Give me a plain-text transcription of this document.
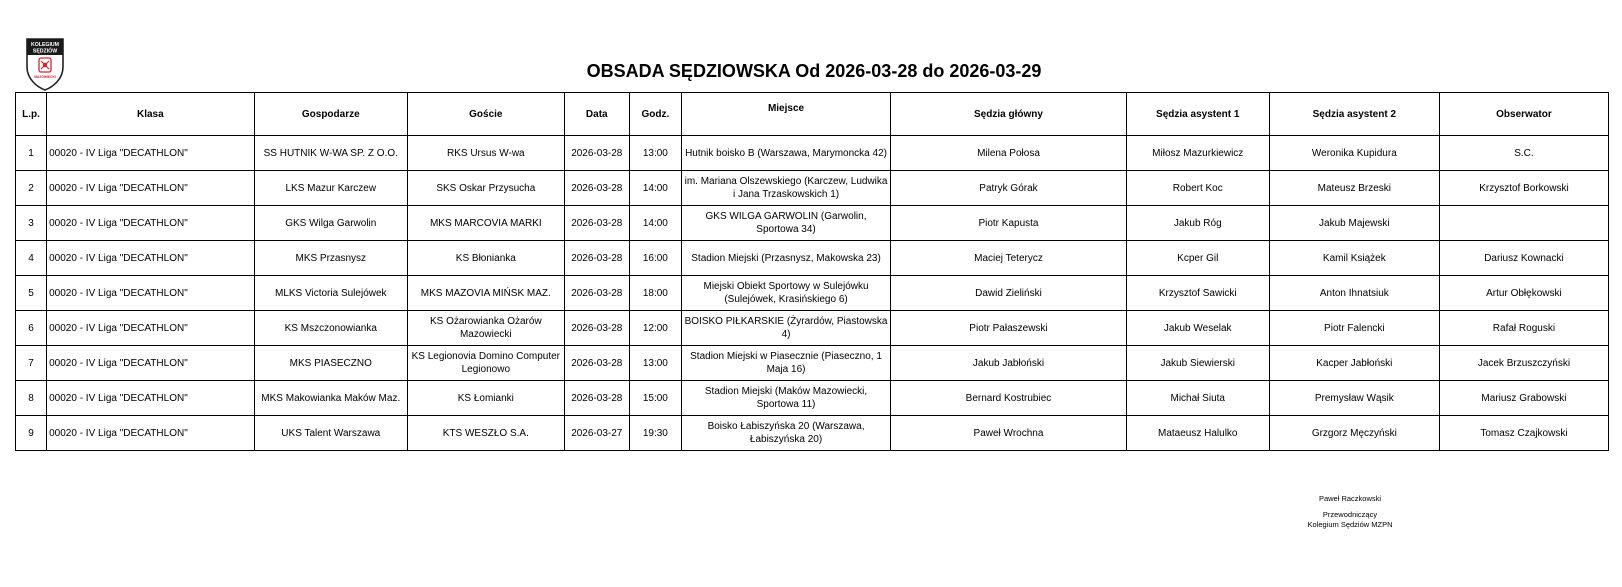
KOLEGIUM
SĘDZIÓW
MAZOWIECKI	OBSADA SĘDZIOWSKA Od 2026-03-28 do 2026-03-29
L.p.	Klasa	Gospodarze	Goście	Data	Godz.	Miejsce	Sędzia główny	Sędzia asystent 1	Sędzia asystent 2	Obserwator
1	00020 - IV Liga "DECATHLON"	SS HUTNIK W-WA SP. Z O.O.	RKS Ursus W-wa	2026-03-28	13:00	Hutnik boisko B (Warszawa, Marymoncka 42)	Milena Połosa	Miłosz Mazurkiewicz	Weronika Kupidura	S.C.
2	00020 - IV Liga "DECATHLON"	LKS Mazur Karczew	SKS Oskar Przysucha	2026-03-28	14:00	im. Mariana Olszewskiego (Karczew, Ludwika i Jana Trzaskowskich 1)	Patryk Górak	Robert Koc	Mateusz Brzeski	Krzysztof Borkowski
3	00020 - IV Liga "DECATHLON"	GKS Wilga Garwolin	MKS MARCOVIA MARKI	2026-03-28	14:00	GKS WILGA GARWOLIN (Garwolin, Sportowa 34)	Piotr Kapusta	Jakub Róg	Jakub Majewski	
4	00020 - IV Liga "DECATHLON"	MKS Przasnysz	KS Błonianka	2026-03-28	16:00	Stadion Miejski (Przasnysz, Makowska 23)	Maciej Teterycz	Kcper Gil	Kamil Książek	Dariusz Kownacki
5	00020 - IV Liga "DECATHLON"	MLKS Victoria Sulejówek	MKS MAZOVIA MIŃSK MAZ.	2026-03-28	18:00	Miejski Obiekt Sportowy w Sulejówku (Sulejówek, Krasińskiego 6)	Dawid Zieliński	Krzysztof Sawicki	Anton Ihnatsiuk	Artur Obłękowski
6	00020 - IV Liga "DECATHLON"	KS Mszczonowianka	KS Ożarowianka Ożarów Mazowiecki	2026-03-28	12:00	BOISKO PIŁKARSKIE (Żyrardów, Piastowska 4)	Piotr Pałaszewski	Jakub Weselak	Piotr Falencki	Rafał Roguski
7	00020 - IV Liga "DECATHLON"	MKS PIASECZNO	KS Legionovia Domino Computer Legionowo	2026-03-28	13:00	Stadion Miejski w Piasecznie (Piaseczno, 1 Maja 16)	Jakub Jabłoński	Jakub Siewierski	Kacper Jabłoński	Jacek Brzuszczyński
8	00020 - IV Liga "DECATHLON"	MKS Makowianka Maków Maz.	KS Łomianki	2026-03-28	15:00	Stadion Miejski (Maków Mazowiecki, Sportowa 11)	Bernard Kostrubiec	Michał Siuta	Premysław Wąsik	Mariusz Grabowski
9	00020 - IV Liga "DECATHLON"	UKS Talent Warszawa	KTS WESZŁO S.A.	2026-03-27	19:30	Boisko Łabiszyńska 20 (Warszawa, Łabiszyńska 20)	Paweł Wrochna	Mataeusz Halulko	Grzgorz Męczyński	Tomasz Czajkowski
Paweł Raczkowski
Przewodniczący
Kolegium Sędziów MZPN
